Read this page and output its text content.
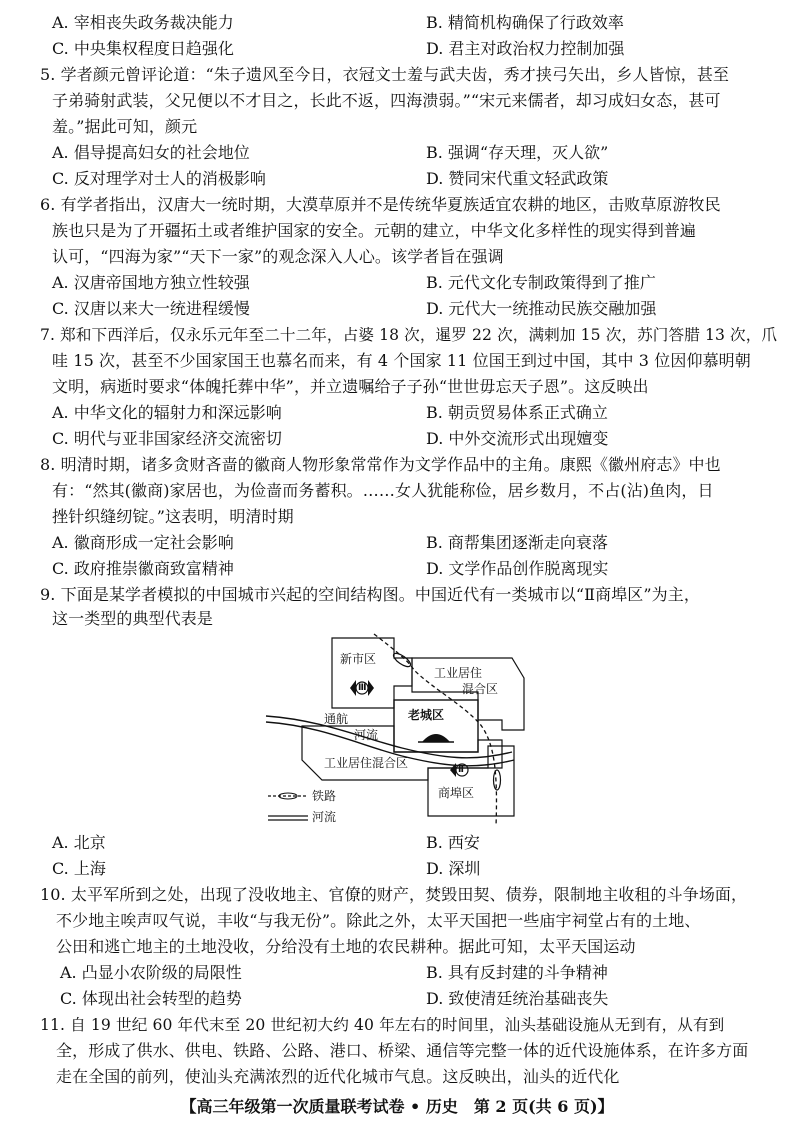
A. 宰相丧失政务裁决能力	B. 精简机构确保了行政效率
C. 中央集权程度日趋强化	D. 君主对政治权力控制加强
5. 学者颜元曾评论道：“朱子遗风至今日，衣冠文士羞与武夫齿，秀才挟弓矢出，乡人皆惊，甚至
子弟骑射武装，父兄便以不才目之，长此不返，四海溃弱。”“宋元来儒者，却习成妇女态，甚可
羞。”据此可知，颜元
A. 倡导提高妇女的社会地位	B. 强调“存天理，灭人欲”
C. 反对理学对士人的消极影响	D. 赞同宋代重文轻武政策
6. 有学者指出，汉唐大一统时期，大漠草原并不是传统华夏族适宜农耕的地区，击败草原游牧民
族也只是为了开疆拓土或者维护国家的安全。元朝的建立，中华文化多样性的现实得到普遍
认可，“四海为家”“天下一家”的观念深入人心。该学者旨在强调
A. 汉唐帝国地方独立性较强	B. 元代文化专制政策得到了推广
C. 汉唐以来大一统进程缓慢	D. 元代大一统推动民族交融加强
7. 郑和下西洋后，仅永乐元年至二十二年，占婆 18 次，暹罗 22 次，满剌加 15 次，苏门答腊 13 次，爪
哇 15 次，甚至不少国家国王也慕名而来，有 4 个国家 11 位国王到过中国，其中 3 位因仰慕明朝
文明，病逝时要求“体魄托葬中华”，并立遗嘱给子子孙“世世毋忘天子恩”。这反映出
A. 中华文化的辐射力和深远影响	B. 朝贡贸易体系正式确立
C. 明代与亚非国家经济交流密切	D. 中外交流形式出现嬗变
8. 明清时期，诸多贪财吝啬的徽商人物形象常常作为文学作品中的主角。康熙《徽州府志》中也
有：“然其(徽商)家居也，为俭啬而务蓄积。……女人犹能称俭，居乡数月，不占(沾)鱼肉，日
挫针织缝纫锭。”这表明，明清时期
A. 徽商形成一定社会影响	B. 商帮集团逐渐走向衰落
C. 政府推崇徽商致富精神	D. 文学作品创作脱离现实
9. 下面是某学者模拟的中国城市兴起的空间结构图。中国近代有一类城市以“Ⅱ商埠区”为主，
这一类型的典型代表是
新市区
Ⅲ
工业居住
混合区
老城区
通航
河流
工业居住混合区	Ⅱ
商埠区
铁路
河流
A. 北京	B. 西安
C. 上海	D. 深圳
10. 太平军所到之处，出现了没收地主、官僚的财产，焚毁田契、债券，限制地主收租的斗争场面，
不少地主唉声叹气说，丰收“与我无份”。除此之外，太平天国把一些庙宇祠堂占有的土地、
公田和逃亡地主的土地没收，分给没有土地的农民耕种。据此可知，太平天国运动
A. 凸显小农阶级的局限性	B. 具有反封建的斗争精神
C. 体现出社会转型的趋势	D. 致使清廷统治基础丧失
11. 自 19 世纪 60 年代末至 20 世纪初大约 40 年左右的时间里，汕头基础设施从无到有，从有到
全，形成了供水、供电、铁路、公路、港口、桥梁、通信等完整一体的近代设施体系，在许多方面
走在全国的前列，使汕头充满浓烈的近代化城市气息。这反映出，汕头的近代化
【高三年级第一次质量联考试卷 • 历史　第 2 页(共 6 页)】
